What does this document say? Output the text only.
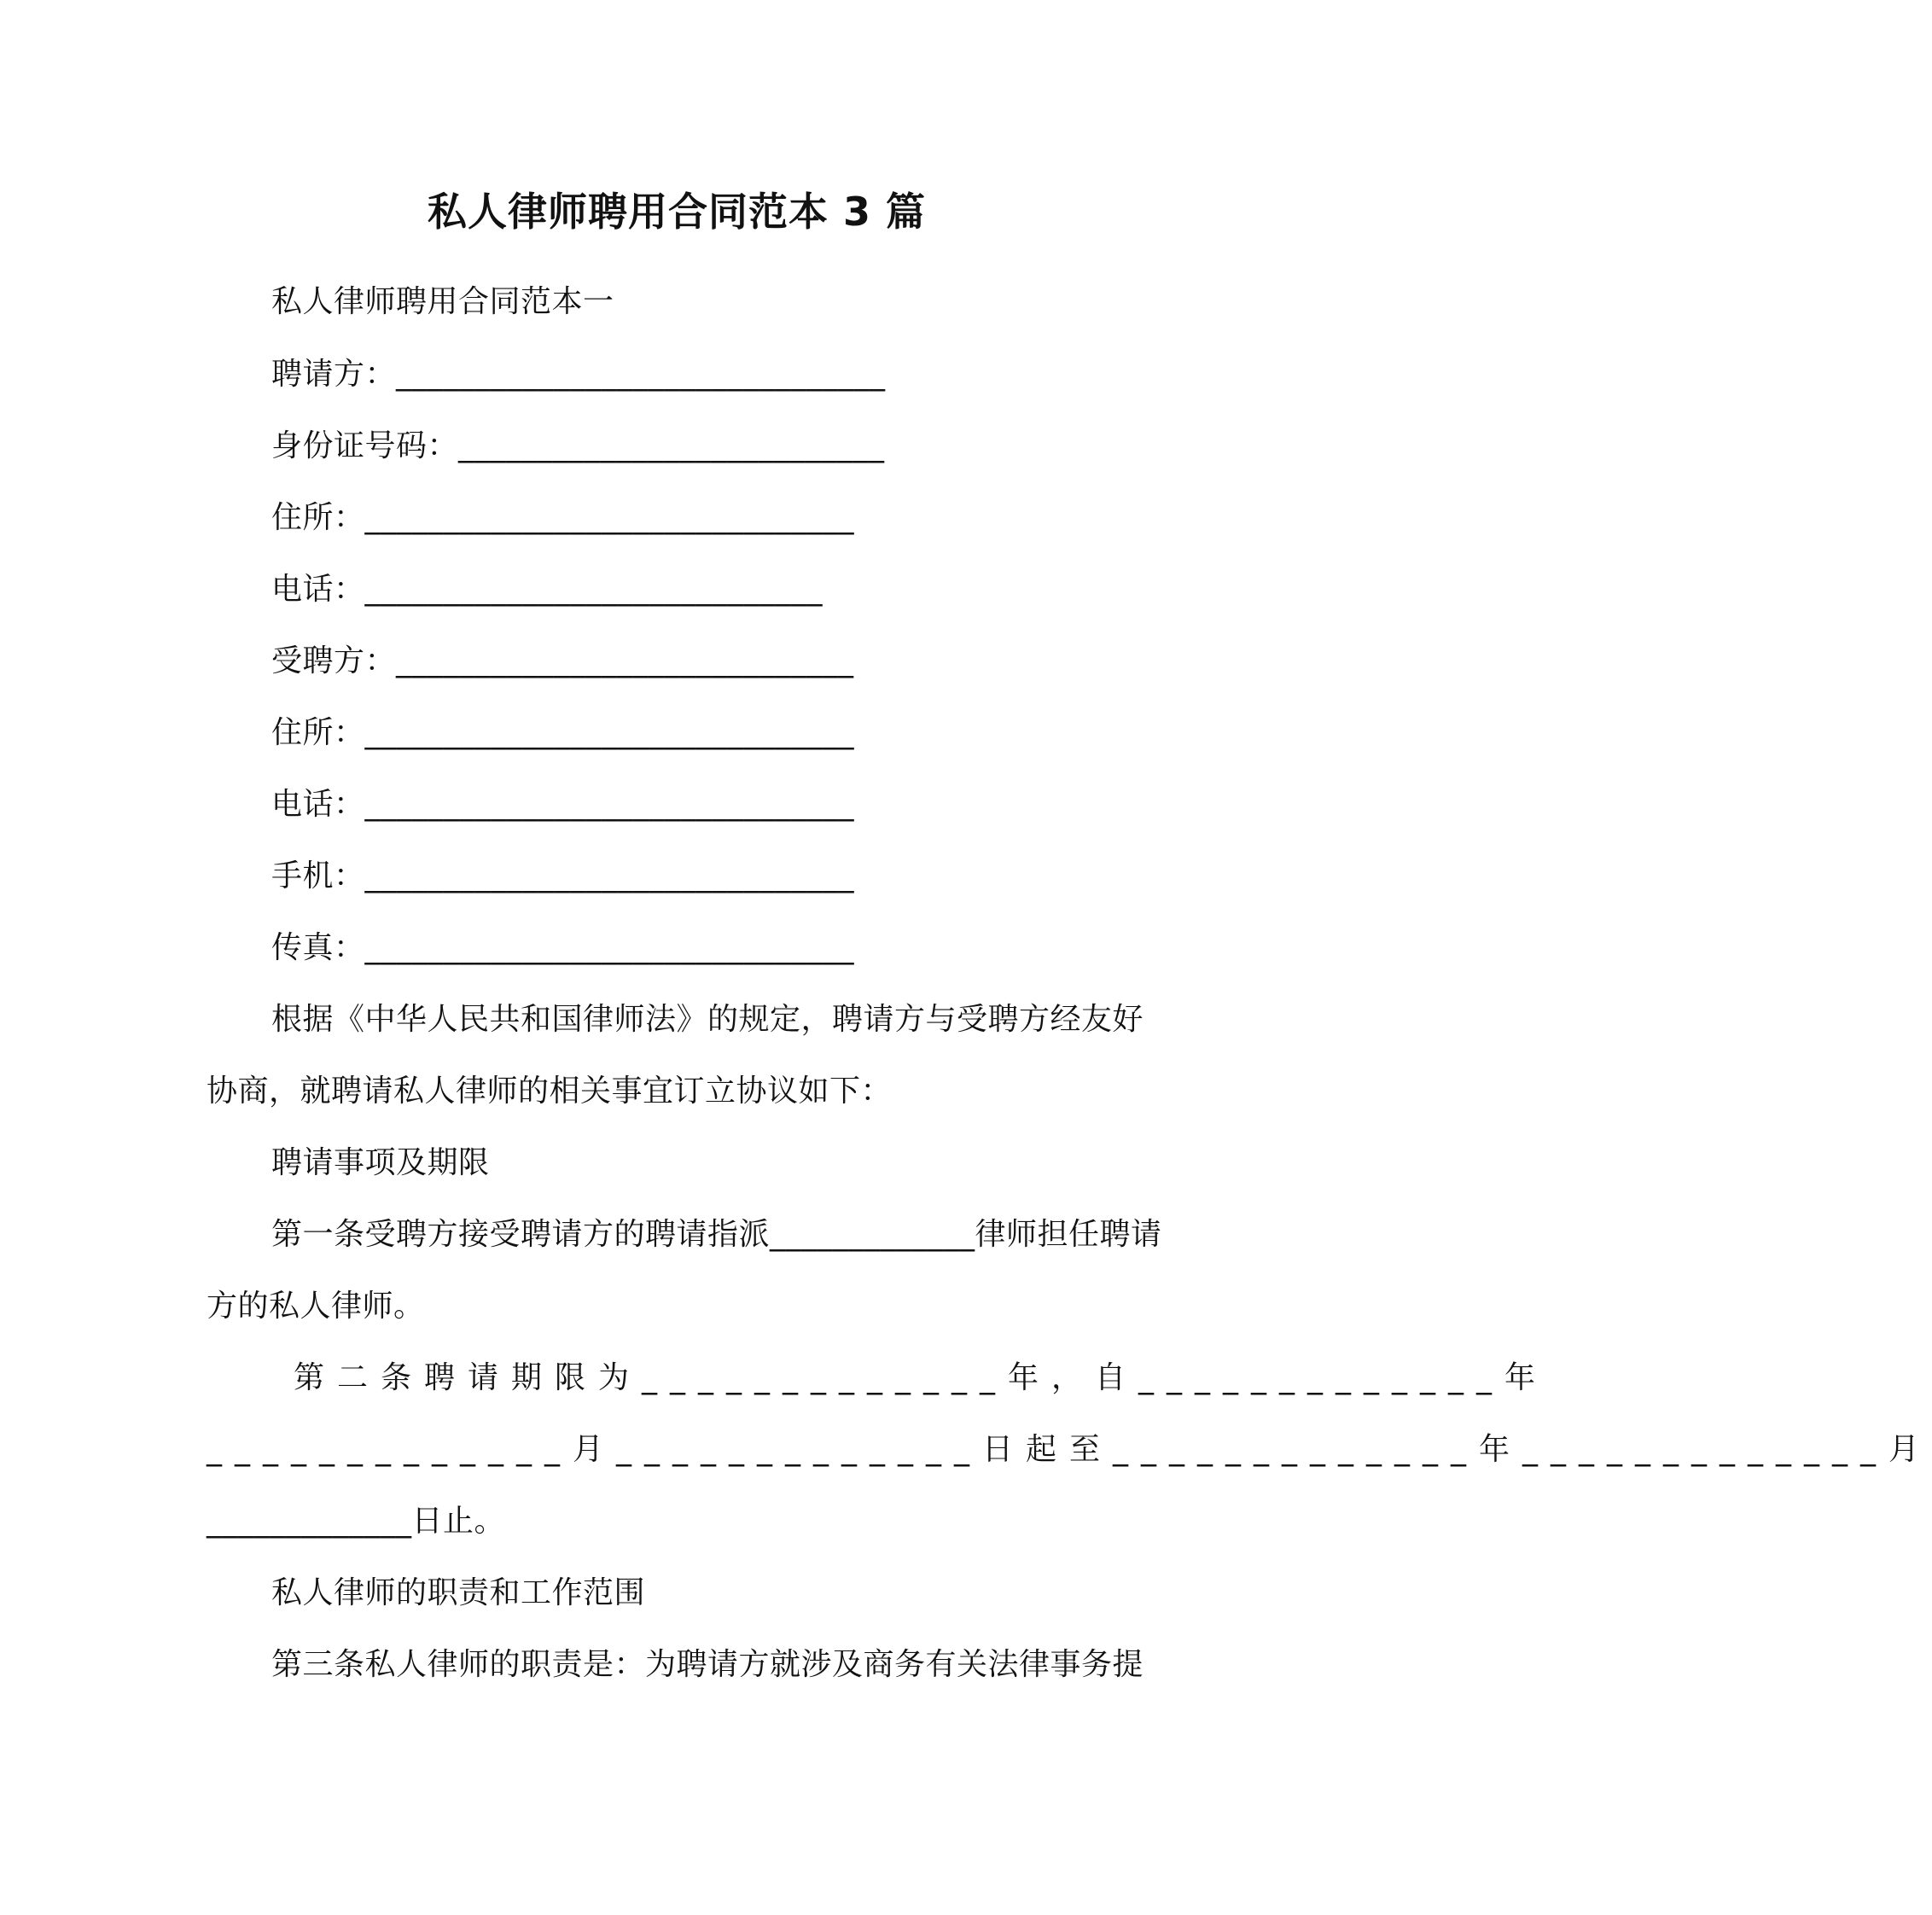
私人律师聘用合同范本 3 篇
私人律师聘用合同范本一
聘请方：_______________________________
身份证号码：___________________________
住所：_______________________________
电话：_____________________________
受聘方：_____________________________
住所：_______________________________
电话：_______________________________
手机：_______________________________
传真：_______________________________
根据《中华人民共和国律师法》的规定，聘请方与受聘方经友好
协商，就聘请私人律师的相关事宜订立协议如下：
聘请事项及期限
第一条受聘方接受聘请方的聘请指派_____________律师担任聘请
方的私人律师。
第二条聘请期限为_____________年，自_____________年
_____________月_____________日起至_____________年_____________月
_____________日止。
私人律师的职责和工作范围
第三条私人律师的职责是：为聘请方就涉及商务有关法律事务提
